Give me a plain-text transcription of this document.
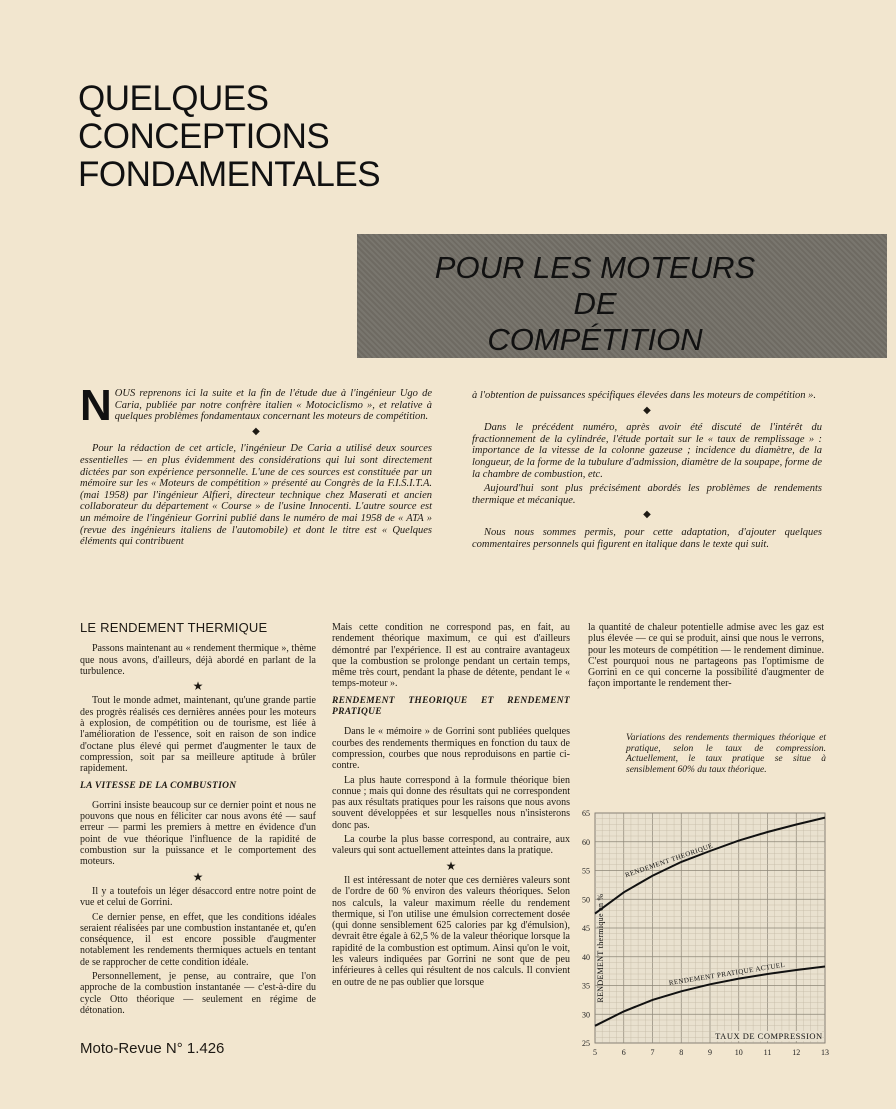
QUELQUES
CONCEPTIONS
FONDAMENTALES
POUR LES MOTEURS
DE
COMPÉTITION

NOUS reprenons ici la suite et la fin de l'étude due à l'ingénieur Ugo de Caria, publiée par notre confrère italien « Motociclismo », et relative à quelques problèmes fondamentaux concernant les moteurs de compétition.

◆

Pour la rédaction de cet article, l'ingénieur De Caria a utilisé deux sources essentielles — en plus évidemment des considérations qui lui sont directement dictées par son expérience personnelle. L'une de ces sources est constituée par un mémoire sur les « Moteurs de compétition » présenté au Congrès de la F.I.S.I.T.A. (mai 1958) par l'ingénieur Alfieri, directeur technique chez Maserati et ancien collaborateur du département « Course » de l'usine Innocenti. L'autre source est un mémoire de l'ingénieur Gorrini publié dans le numéro de mai 1958 de « ATA » (revue des ingénieurs italiens de l'automobile) et dont le titre est « Quelques éléments qui contribuent

à l'obtention de puissances spécifiques élevées dans les moteurs de compétition ».

◆

Dans le précédent numéro, après avoir été discuté de l'intérêt du fractionnement de la cylindrée, l'étude portait sur le « taux de remplissage » : importance de la vitesse de la colonne gazeuse ; incidence du diamètre, de la longueur, de la forme de la tubulure d'admission, diamètre de la soupape, forme de la chambre de combustion, etc.

Aujourd'hui sont plus précisément abordés les problèmes de rendements thermique et mécanique.

◆

Nous nous sommes permis, pour cette adaptation, d'ajouter quelques commentaires personnels qui figurent en italique dans le texte qui suit.

LE RENDEMENT THERMIQUE

Passons maintenant au « rendement thermique », thème que nous avons, d'ailleurs, déjà abordé en parlant de la turbulence.

★

Tout le monde admet, maintenant, qu'une grande partie des progrès réalisés ces dernières années pour les moteurs à explosion, de compétition ou de tourisme, est liée à l'amélioration de l'essence, soit en raison de son indice d'octane plus élevé qui permet d'augmenter le taux de compression, soit par sa meilleure aptitude à brûler rapidement.

LA VITESSE DE LA COMBUSTION

Gorrini insiste beaucoup sur ce dernier point et nous ne pouvons que nous en féliciter car nous avons été — sauf erreur — parmi les premiers à mettre en évidence d'un point de vue théorique l'influence de la rapidité de combustion sur la puissance et le comportement des moteurs.

★

Il y a toutefois un léger désaccord entre notre point de vue et celui de Gorrini.

Ce dernier pense, en effet, que les conditions idéales seraient réalisées par une combustion instantanée et, qu'en conséquence, il est encore possible d'augmenter notablement les rendements thermiques actuels en tentant de se rapprocher de cette condition idéale.

Personnellement, je pense, au contraire, que l'on approche de la combustion instantanée — c'est-à-dire du cycle Otto théorique — seulement en régime de détonation.

Mais cette condition ne correspond pas, en fait, au rendement théorique maximum, ce qui est d'ailleurs démontré par l'expérience. Il est au contraire avantageux que la combustion se prolonge pendant un certain temps, même très court, pendant la phase de détente, pendant le « temps-moteur ».

RENDEMENT THEORIQUE ET RENDEMENT PRATIQUE

Dans le « mémoire » de Gorrini sont publiées quelques courbes des rendements thermiques en fonction du taux de compression, courbes que nous reproduisons en partie ci-contre.

La plus haute correspond à la formule théorique bien connue ; mais qui donne des résultats qui ne correspondent pas aux résultats pratiques pour les raisons que nous avons souvent développées et sur lesquelles nous n'insisterons donc pas.

La courbe la plus basse correspond, au contraire, aux valeurs qui sont actuellement atteintes dans la pratique.

★

Il est intéressant de noter que ces dernières valeurs sont de l'ordre de 60 % environ des valeurs théoriques. Selon nos calculs, la valeur maximum réelle du rendement thermique, si l'on utilise une émulsion correctement dosée (qui donne sensiblement 625 calories par kg d'émulsion), devrait être égale à 62,5 % de la valeur théorique lorsque la rapidité de la combustion est optimum. Ainsi qu'on le voit, les valeurs indiquées par Gorrini ne sont que de peu inférieures à celles qui résultent de nos calculs. Il convient en outre de ne pas oublier que lorsque

la quantité de chaleur potentielle admise avec les gaz est plus élevée — ce qui se produit, ainsi que nous le verrons, pour les moteurs de compétition — le rendement diminue. C'est pourquoi nous ne partageons pas l'optimisme de Gorrini en ce qui concerne la possibilité d'augmenter de façon importante le rendement ther-

Variations des rendements thermiques théorique et pratique, selon le taux de compression. Actuellement, le taux pratique se situe à sensiblement 60% du taux théorique.
5	6	7	8	9	10	11	12	13
25
30
35
40
45
50
55
60
65
TAUX DE COMPRESSION
RENDEMENT thermique en %
RENDEMENT THEORIQUE
RENDEMENT PRATIQUE ACTUEL
Moto-Revue N° 1.426
